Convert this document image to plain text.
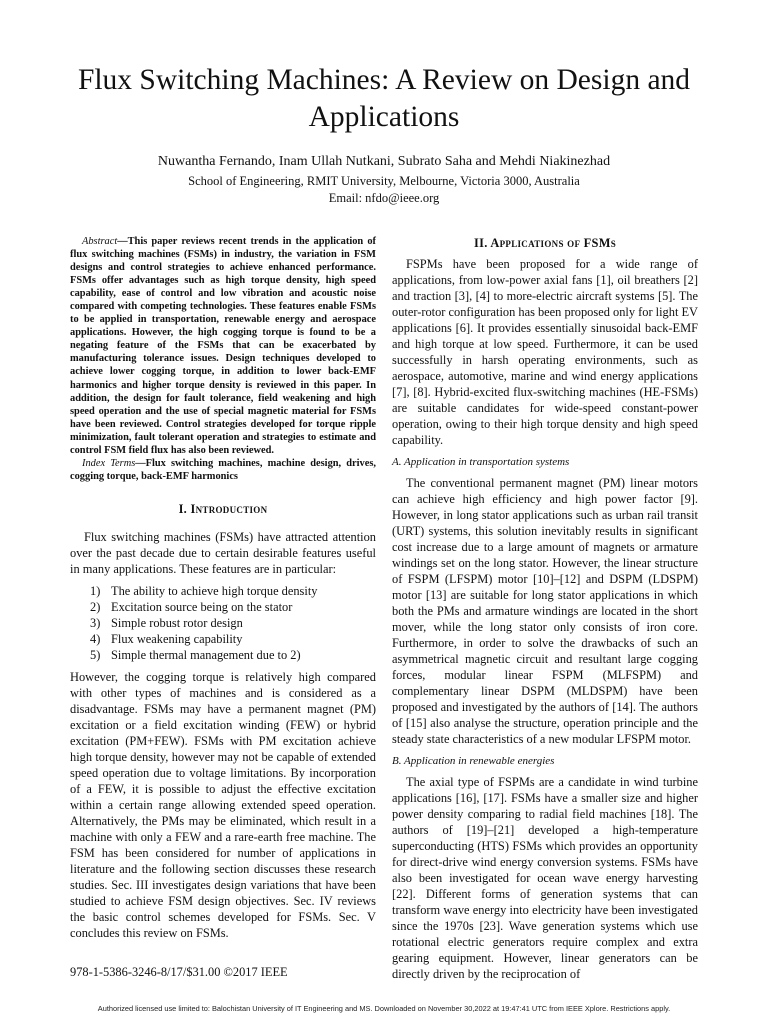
Flux Switching Machines: A Review on Design and Applications
Nuwantha Fernando, Inam Ullah Nutkani, Subrato Saha and Mehdi Niakinezhad
School of Engineering, RMIT University, Melbourne, Victoria 3000, Australia
Email: nfdo@ieee.org

Abstract—This paper reviews recent trends in the application of flux switching machines (FSMs) in industry, the variation in FSM designs and control strategies to achieve enhanced performance. FSMs offer advantages such as high torque density, high speed capability, ease of control and low vibration and acoustic noise compared with competing technologies. These features enable FSMs to be applied in transportation, renewable energy and aerospace applications. However, the high cogging torque is found to be a negating feature of the FSMs that can be exacerbated by manufacturing tolerance issues. Design techniques developed to achieve lower cogging torque, in addition to lower back-EMF harmonics and higher torque density is reviewed in this paper. In addition, the design for fault tolerance, field weakening and high speed operation and the use of special magnetic material for FSMs have been reviewed. Control strategies developed for torque ripple minimization, fault tolerant operation and strategies to estimate and control FSM field flux has also been reviewed.

Index Terms—Flux switching machines, machine design, drives, cogging torque, back-EMF harmonics

I. Introduction

Flux switching machines (FSMs) have attracted attention over the past decade due to certain desirable features useful in many applications. These features are in particular:

1) The ability to achieve high torque density
2) Excitation source being on the stator
3) Simple robust rotor design
4) Flux weakening capability
5) Simple thermal management due to 2)

However, the cogging torque is relatively high compared with other types of machines and is considered as a disadvantage. FSMs may have a permanent magnet (PM) excitation or a field excitation winding (FEW) or hybrid excitation (PM+FEW). FSMs with PM excitation achieve high torque density, however may not be capable of extended speed operation due to voltage limitations. By incorporation of a FEW, it is possible to adjust the effective excitation within a certain range allowing extended speed operation. Alternatively, the PMs may be eliminated, which result in a machine with only a FEW and a rare-earth free machine. The FSM has been considered for number of applications in literature and the following section discusses these research studies. Sec. III investigates design variations that have been studied to achieve FSM design objectives. Sec. IV reviews the basic control schemes developed for FSMs. Sec. V concludes this review on FSMs.

II. Applications of FSMs

FSPMs have been proposed for a wide range of applications, from low-power axial fans [1], oil breathers [2] and traction [3], [4] to more-electric aircraft systems [5]. The outer-rotor configuration has been proposed only for light EV applications [6]. It provides essentially sinusoidal back-EMF and high torque at low speed. Furthermore, it can be used successfully in harsh operating environments, such as aerospace, automotive, marine and wind energy applications [7], [8]. Hybrid-excited flux-switching machines (HE-FSMs) are suitable candidates for wide-speed constant-power operation, owing to their high torque density and high speed capability.

A. Application in transportation systems

The conventional permanent magnet (PM) linear motors can achieve high efficiency and high power factor [9]. However, in long stator applications such as urban rail transit (URT) systems, this solution inevitably results in significant cost increase due to a large amount of magnets or armature windings set on the long stator. However, the linear structure of FSPM (LFSPM) motor [10]–[12] and DSPM (LDSPM) motor [13] are suitable for long stator applications in which both the PMs and armature windings are located in the short mover, while the long stator only consists of iron core. Furthermore, in order to solve the drawbacks of such an asymmetrical magnetic circuit and resultant large cogging forces, modular linear FSPM (MLFSPM) and complementary linear DSPM (MLDSPM) have been proposed and investigated by the authors of [14]. The authors of [15] also analyse the structure, operation principle and the steady state characteristics of a new modular LFSPM motor.

B. Application in renewable energies

The axial type of FSPMs are a candidate in wind turbine applications [16], [17]. FSMs have a smaller size and higher power density comparing to radial field machines [18]. The authors of [19]–[21] developed a high-temperature superconducting (HTS) FSMs which provides an opportunity for direct-drive wind energy conversion systems. FSMs have also been investigated for ocean wave energy harvesting [22]. Different forms of generation systems that can transform wave energy into electricity have been investigated since the 1970s [23]. Wave generation systems which use rotational electric generators require complex and extra gearing equipment. However, linear generators can be directly driven by the reciprocation of

978-1-5386-3246-8/17/$31.00 ©2017 IEEE
Authorized licensed use limited to: Balochistan University of IT Engineering and MS. Downloaded on November 30,2022 at 19:47:41 UTC from IEEE Xplore. Restrictions apply.
